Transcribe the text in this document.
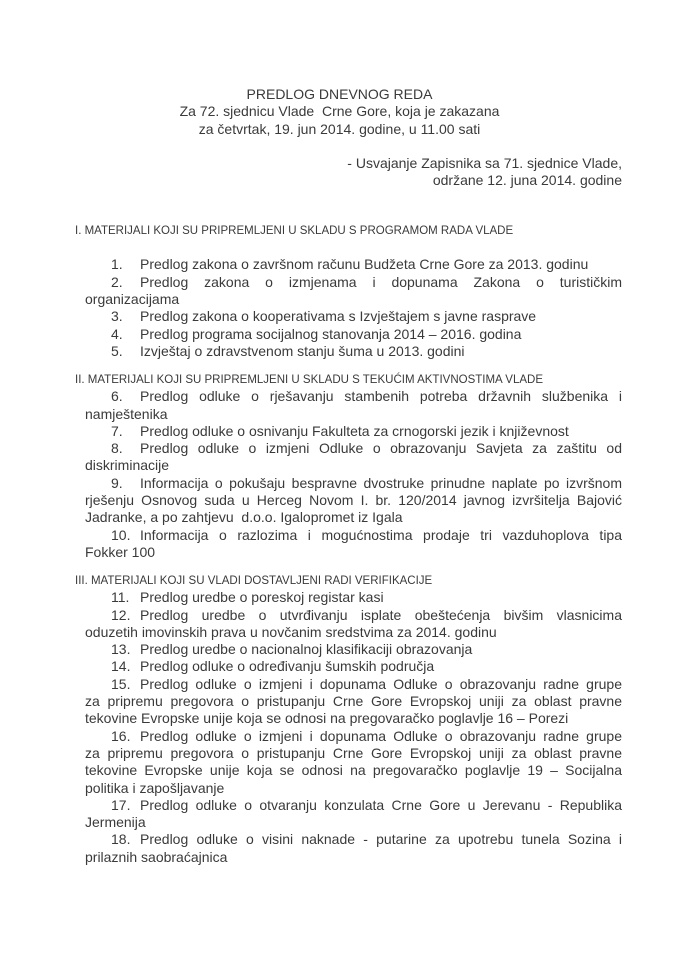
PREDLOG DNEVNOG REDA
Za 72. sjednicu Vlade  Crne Gore, koja je zakazana
za četvrtak, 19. jun 2014. godine, u 11.00 sati
- Usvajanje Zapisnika sa 71. sjednice Vlade,
održane 12. juna 2014. godine
I. MATERIJALI KOJI SU PRIPREMLJENI U SKLADU S PROGRAMOM RADA VLADE
1. Predlog zakona o završnom računu Budžeta Crne Gore za 2013. godinu
2. Predlog zakona o izmjenama i dopunama Zakona o turističkim
organizacijama
3. Predlog zakona o kooperativama s Izvještajem s javne rasprave
4. Predlog programa socijalnog stanovanja 2014 – 2016. godina
5. Izvještaj o zdravstvenom stanju šuma u 2013. godini
II. MATERIJALI KOJI SU PRIPREMLJENI U SKLADU S TEKUĆIM AKTIVNOSTIMA VLADE
6. Predlog odluke o rješavanju stambenih potreba državnih službenika i
namještenika
7. Predlog odluke o osnivanju Fakulteta za crnogorski jezik i književnost
8. Predlog odluke o izmjeni Odluke o obrazovanju Savjeta za zaštitu od
diskriminacije
9. Informacija o pokušaju bespravne dvostruke prinudne naplate po izvršnom
rješenju Osnovog suda u Herceg Novom I. br. 120/2014 javnog izvršitelja Bajović
Jadranke, a po zahtjevu  d.o.o. Igalopromet iz Igala
10. Informacija o razlozima i mogućnostima prodaje tri vazduhoplova tipa
Fokker 100
III. MATERIJALI KOJI SU VLADI DOSTAVLJENI RADI VERIFIKACIJE
11. Predlog uredbe o poreskoj registar kasi
12. Predlog uredbe o utvrđivanju isplate obeštećenja bivšim vlasnicima
oduzetih imovinskih prava u novčanim sredstvima za 2014. godinu
13. Predlog uredbe o nacionalnoj klasifikaciji obrazovanja
14. Predlog odluke o određivanju šumskih područja
15. Predlog odluke o izmjeni i dopunama Odluke o obrazovanju radne grupe
za pripremu pregovora o pristupanju Crne Gore Evropskoj uniji za oblast pravne
tekovine Evropske unije koja se odnosi na pregovaračko poglavlje 16 – Porezi
16. Predlog odluke o izmjeni i dopunama Odluke o obrazovanju radne grupe
za pripremu pregovora o pristupanju Crne Gore Evropskoj uniji za oblast pravne
tekovine Evropske unije koja se odnosi na pregovaračko poglavlje 19 – Socijalna
politika i zapošljavanje
17. Predlog odluke o otvaranju konzulata Crne Gore u Jerevanu - Republika
Jermenija
18. Predlog odluke o visini naknade - putarine za upotrebu tunela Sozina i
prilaznih saobraćajnica
